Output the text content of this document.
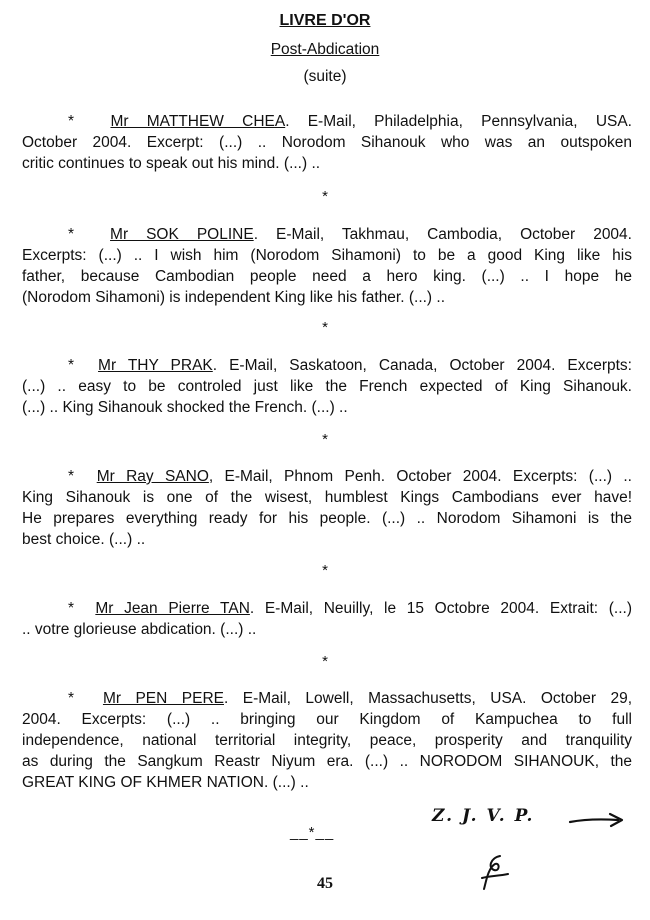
LIVRE D'OR
Post-Abdication
(suite)
* Mr MATTHEW CHEA. E-Mail, Philadelphia, Pennsylvania, USA.
October 2004. Excerpt: (...) .. Norodom Sihanouk who was an outspoken
critic continues to speak out his mind. (...) ..
*
* Mr SOK POLINE. E-Mail, Takhmau, Cambodia, October 2004.
Excerpts: (...) .. I wish him (Norodom Sihamoni) to be a good King like his
father, because Cambodian people need a hero king. (...) .. I hope he
(Norodom Sihamoni) is independent King like his father. (...) ..
*
* Mr THY PRAK. E-Mail, Saskatoon, Canada, October 2004. Excerpts:
(...) .. easy to be controled just like the French expected of King Sihanouk.
(...) .. King Sihanouk shocked the French. (...) ..
*
* Mr Ray SANO, E-Mail, Phnom Penh. October 2004. Excerpts: (...) ..
King Sihanouk is one of the wisest, humblest Kings Cambodians ever have!
He prepares everything ready for his people. (...) .. Norodom Sihamoni is the
best choice. (...) ..
*
* Mr Jean Pierre TAN. E-Mail, Neuilly, le 15 Octobre 2004. Extrait: (...)
.. votre glorieuse abdication. (...) ..
*
* Mr PEN PERE. E-Mail, Lowell, Massachusetts, USA. October 29,
2004. Excerpts: (...) .. bringing our Kingdom of Kampuchea to full
independence, national territorial integrity, peace, prosperity and tranquility
as during the Sangkum Reastr Niyum era. (...) .. NORODOM SIHANOUK, the
GREAT KING OF KHMER NATION. (...) ..
__*__
Z. J. V. P.
45
